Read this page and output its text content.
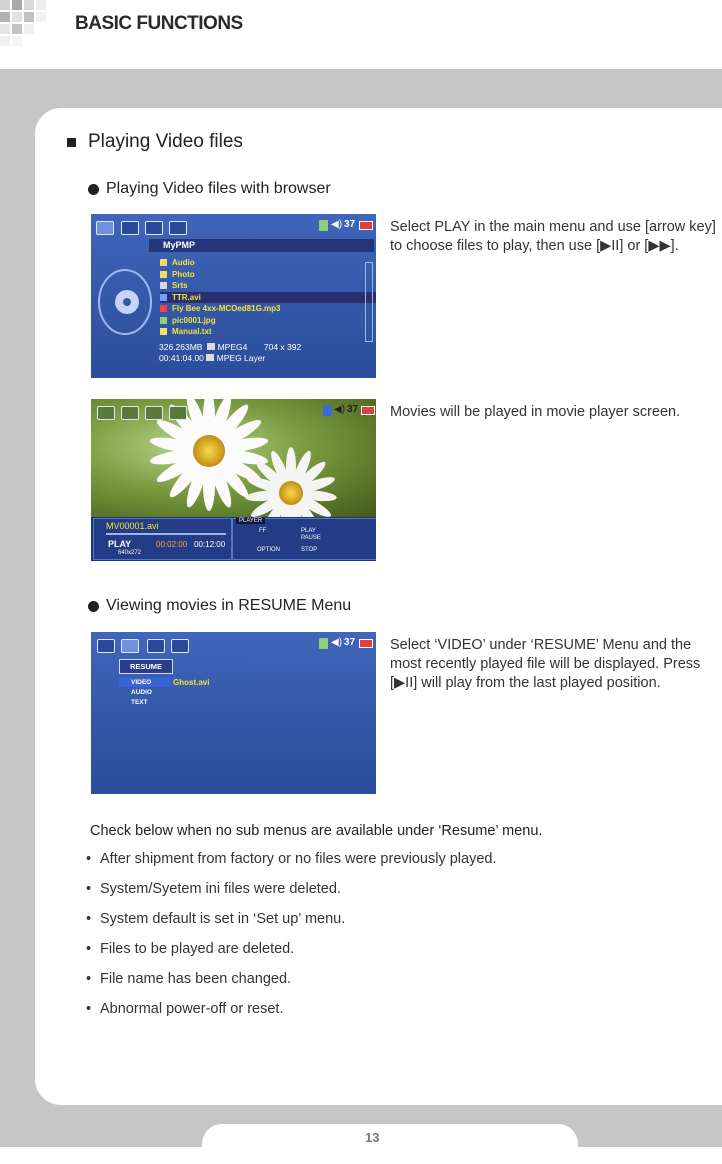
BASIC FUNCTIONS
Playing Video files
Playing Video files with browser
◀) 37
MyPMP
Audio
Photo
Srts
TTR.avi
Fly Bee 4xx-MCOed81G.mp3
pic0001.jpg
Manual.txt
326.263MB MPEG4 704 x 392
00:41:04.00 MPEG Layer
Select PLAY in the main menu and use [arrow key] to choose files to play, then use [▶II] or [▶▶].
◀) 37
MV00001.avi
PLAY	00:02:00 00:12:00
640x272
PLAYER
FF	PLAY
PAUSE
OPTION	STOP
Movies will be played in movie player screen.
Viewing movies in RESUME Menu
◀) 37
RESUME
VIDEO
AUDIO
TEXT
Ghost.avi
Select ‘VIDEO’ under ‘RESUME’ Menu and the most recently played file will be displayed. Press [▶II] will play from the last played position.
Check below when no sub menus are available under ‘Resume’ menu.
• After shipment from factory or no files were previously played.
• System/Syetem ini files were deleted.
• System default is set in ‘Set up’ menu.
• Files to be played are deleted.
• File name has been changed.
• Abnormal power-off or reset.
13
